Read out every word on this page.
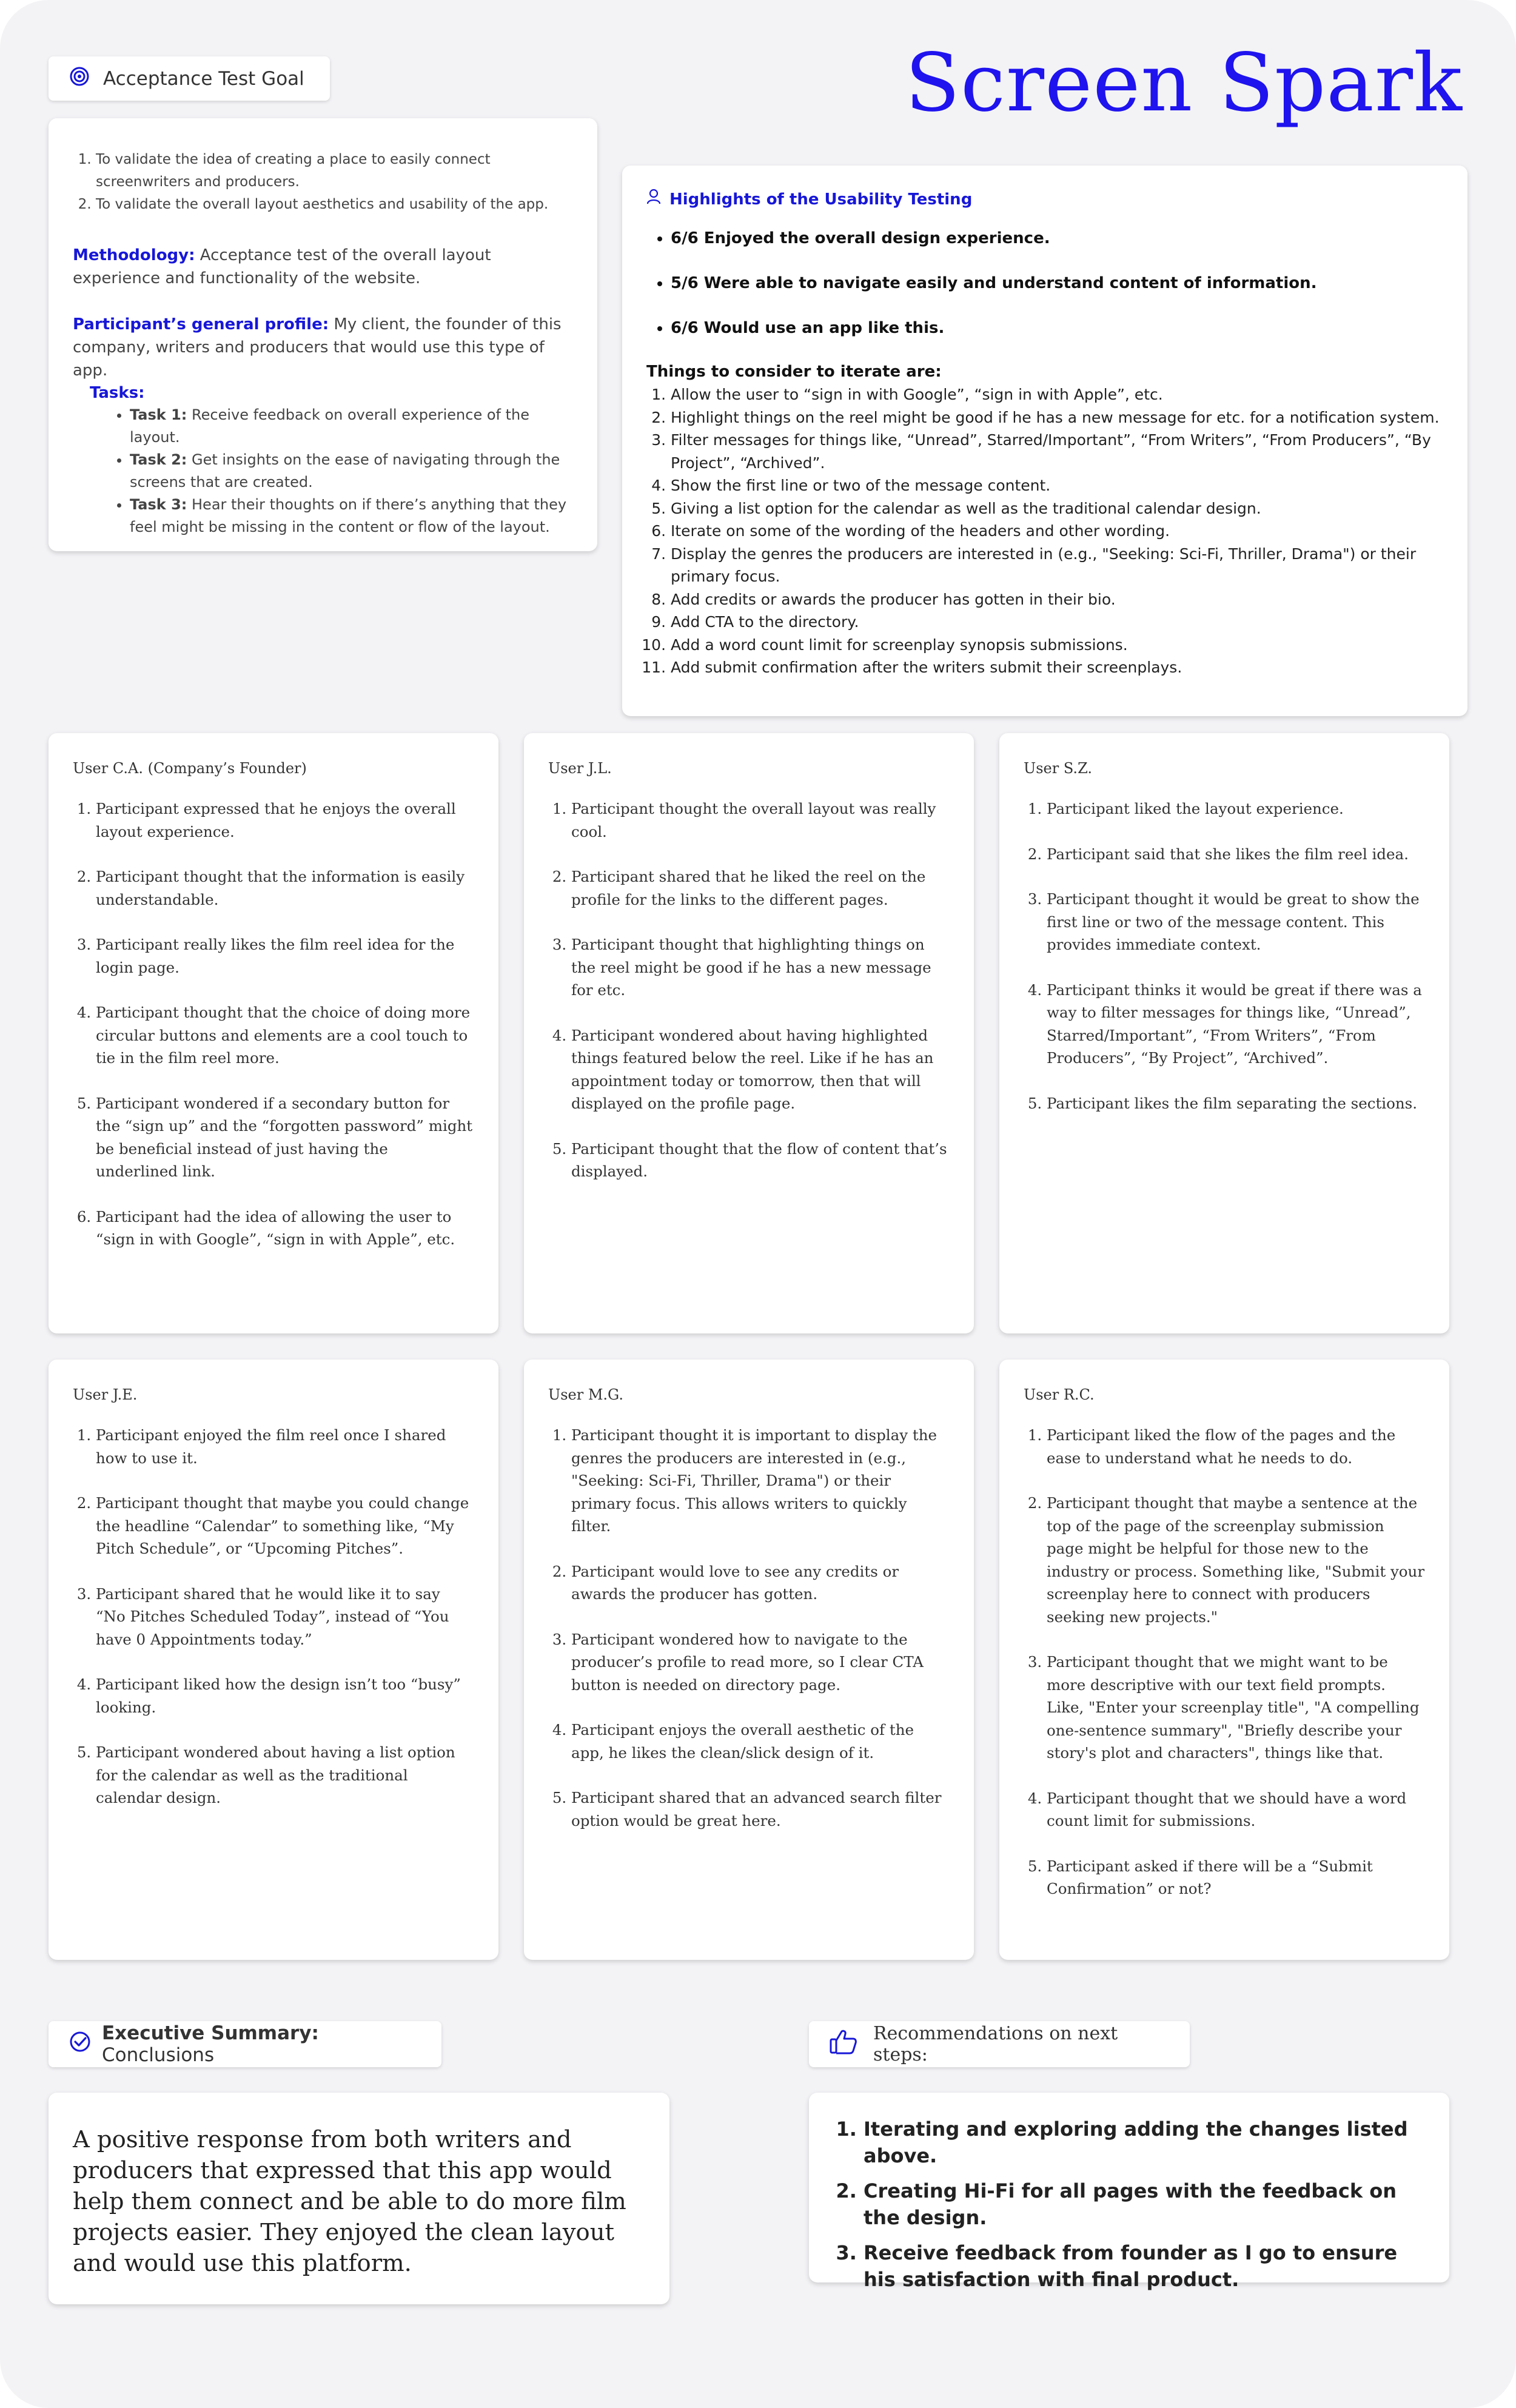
Screen Spark
Acceptance Test Goal
1. To validate the idea of creating a place to easily connect screenwriters and producers.
2. To validate the overall layout aesthetics and usability of the app.
Methodology: Acceptance test of the overall layout experience and functionality of the website.
Participant’s general profile: My client, the founder of this company, writers and producers that would use this type of app.
Tasks:
• Task 1: Receive feedback on overall experience of the layout.
• Task 2: Get insights on the ease of navigating through the screens that are created.
• Task 3: Hear their thoughts on if there’s anything that they feel might be missing in the content or flow of the layout.
Highlights of the Usability Testing
• 6/6 Enjoyed the overall design experience.
• 5/6 Were able to navigate easily and understand content of information.
• 6/6 Would use an app like this.
Things to consider to iterate are:
1. Allow the user to “sign in with Google”, “sign in with Apple”, etc.
2. Highlight things on the reel might be good if he has a new message for etc. for a notification system.
3. Filter messages for things like, “Unread”, Starred/Important”, “From Writers”, “From Producers”, “By Project”, “Archived”.
4. Show the first line or two of the message content.
5. Giving a list option for the calendar as well as the traditional calendar design.
6. Iterate on some of the wording of the headers and other wording.
7. Display the genres the producers are interested in (e.g., "Seeking: Sci-Fi, Thriller, Drama") or their primary focus.
8. Add credits or awards the producer has gotten in their bio.
9. Add CTA to the directory.
10. Add a word count limit for screenplay synopsis submissions.
11. Add submit confirmation after the writers submit their screenplays.
User C.A. (Company’s Founder)
1. Participant expressed that he enjoys the overall layout experience.
2. Participant thought that the information is easily understandable.
3. Participant really likes the film reel idea for the login page.
4. Participant thought that the choice of doing more circular buttons and elements are a cool touch to tie in the film reel more.
5. Participant wondered if a secondary button for the “sign up” and the “forgotten password” might be beneficial instead of just having the underlined link.
6. Participant had the idea of allowing the user to “sign in with Google”, “sign in with Apple”, etc.
User J.L.
1. Participant thought the overall layout was really cool.
2. Participant shared that he liked the reel on the profile for the links to the different pages.
3. Participant thought that highlighting things on the reel might be good if he has a new message for etc.
4. Participant wondered about having highlighted things featured below the reel. Like if he has an appointment today or tomorrow, then that will displayed on the profile page.
5. Participant thought that the flow of content that’s displayed.
User S.Z.
1. Participant liked the layout experience.
2. Participant said that she likes the film reel idea.
3. Participant thought it would be great to show the first line or two of the message content. This provides immediate context.
4. Participant thinks it would be great if there was a way to filter messages for things like, “Unread”, Starred/Important”, “From Writers”, “From Producers”, “By Project”, “Archived”.
5. Participant likes the film separating the sections.
User J.E.
1. Participant enjoyed the film reel once I shared how to use it.
2. Participant thought that maybe you could change the headline “Calendar” to something like, “My Pitch Schedule”, or “Upcoming Pitches”.
3. Participant shared that he would like it to say “No Pitches Scheduled Today”, instead of “You have 0 Appointments today.”
4. Participant liked how the design isn’t too “busy” looking.
5. Participant wondered about having a list option for the calendar as well as the traditional calendar design.
User M.G.
1. Participant thought it is important to display the genres the producers are interested in (e.g., "Seeking: Sci-Fi, Thriller, Drama") or their primary focus. This allows writers to quickly filter.
2. Participant would love to see any credits or awards the producer has gotten.
3. Participant wondered how to navigate to the producer’s profile to read more, so I clear CTA button is needed on directory page.
4. Participant enjoys the overall aesthetic of the app, he likes the clean/slick design of it.
5. Participant shared that an advanced search filter option would be great here.
User R.C.
1. Participant liked the flow of the pages and the ease to understand what he needs to do.
2. Participant thought that maybe a sentence at the top of the page of the screenplay submission page might be helpful for those new to the industry or process. Something like, "Submit your screenplay here to connect with producers seeking new projects."
3. Participant thought that we might want to be more descriptive with our text field prompts. Like, "Enter your screenplay title", "A compelling one-sentence summary", "Briefly describe your story's plot and characters", things like that.
4. Participant thought that we should have a word count limit for submissions.
5. Participant asked if there will be a “Submit Confirmation” or not?
Executive Summary: Conclusions
A positive response from both writers and producers that expressed that this app would help them connect and be able to do more film projects easier. They enjoyed the clean layout and would use this platform.
Recommendations on next steps:
1. Iterating and exploring adding the changes listed above.
2. Creating Hi-Fi for all pages with the feedback on the design.
3. Receive feedback from founder as I go to ensure his satisfaction with final product.
